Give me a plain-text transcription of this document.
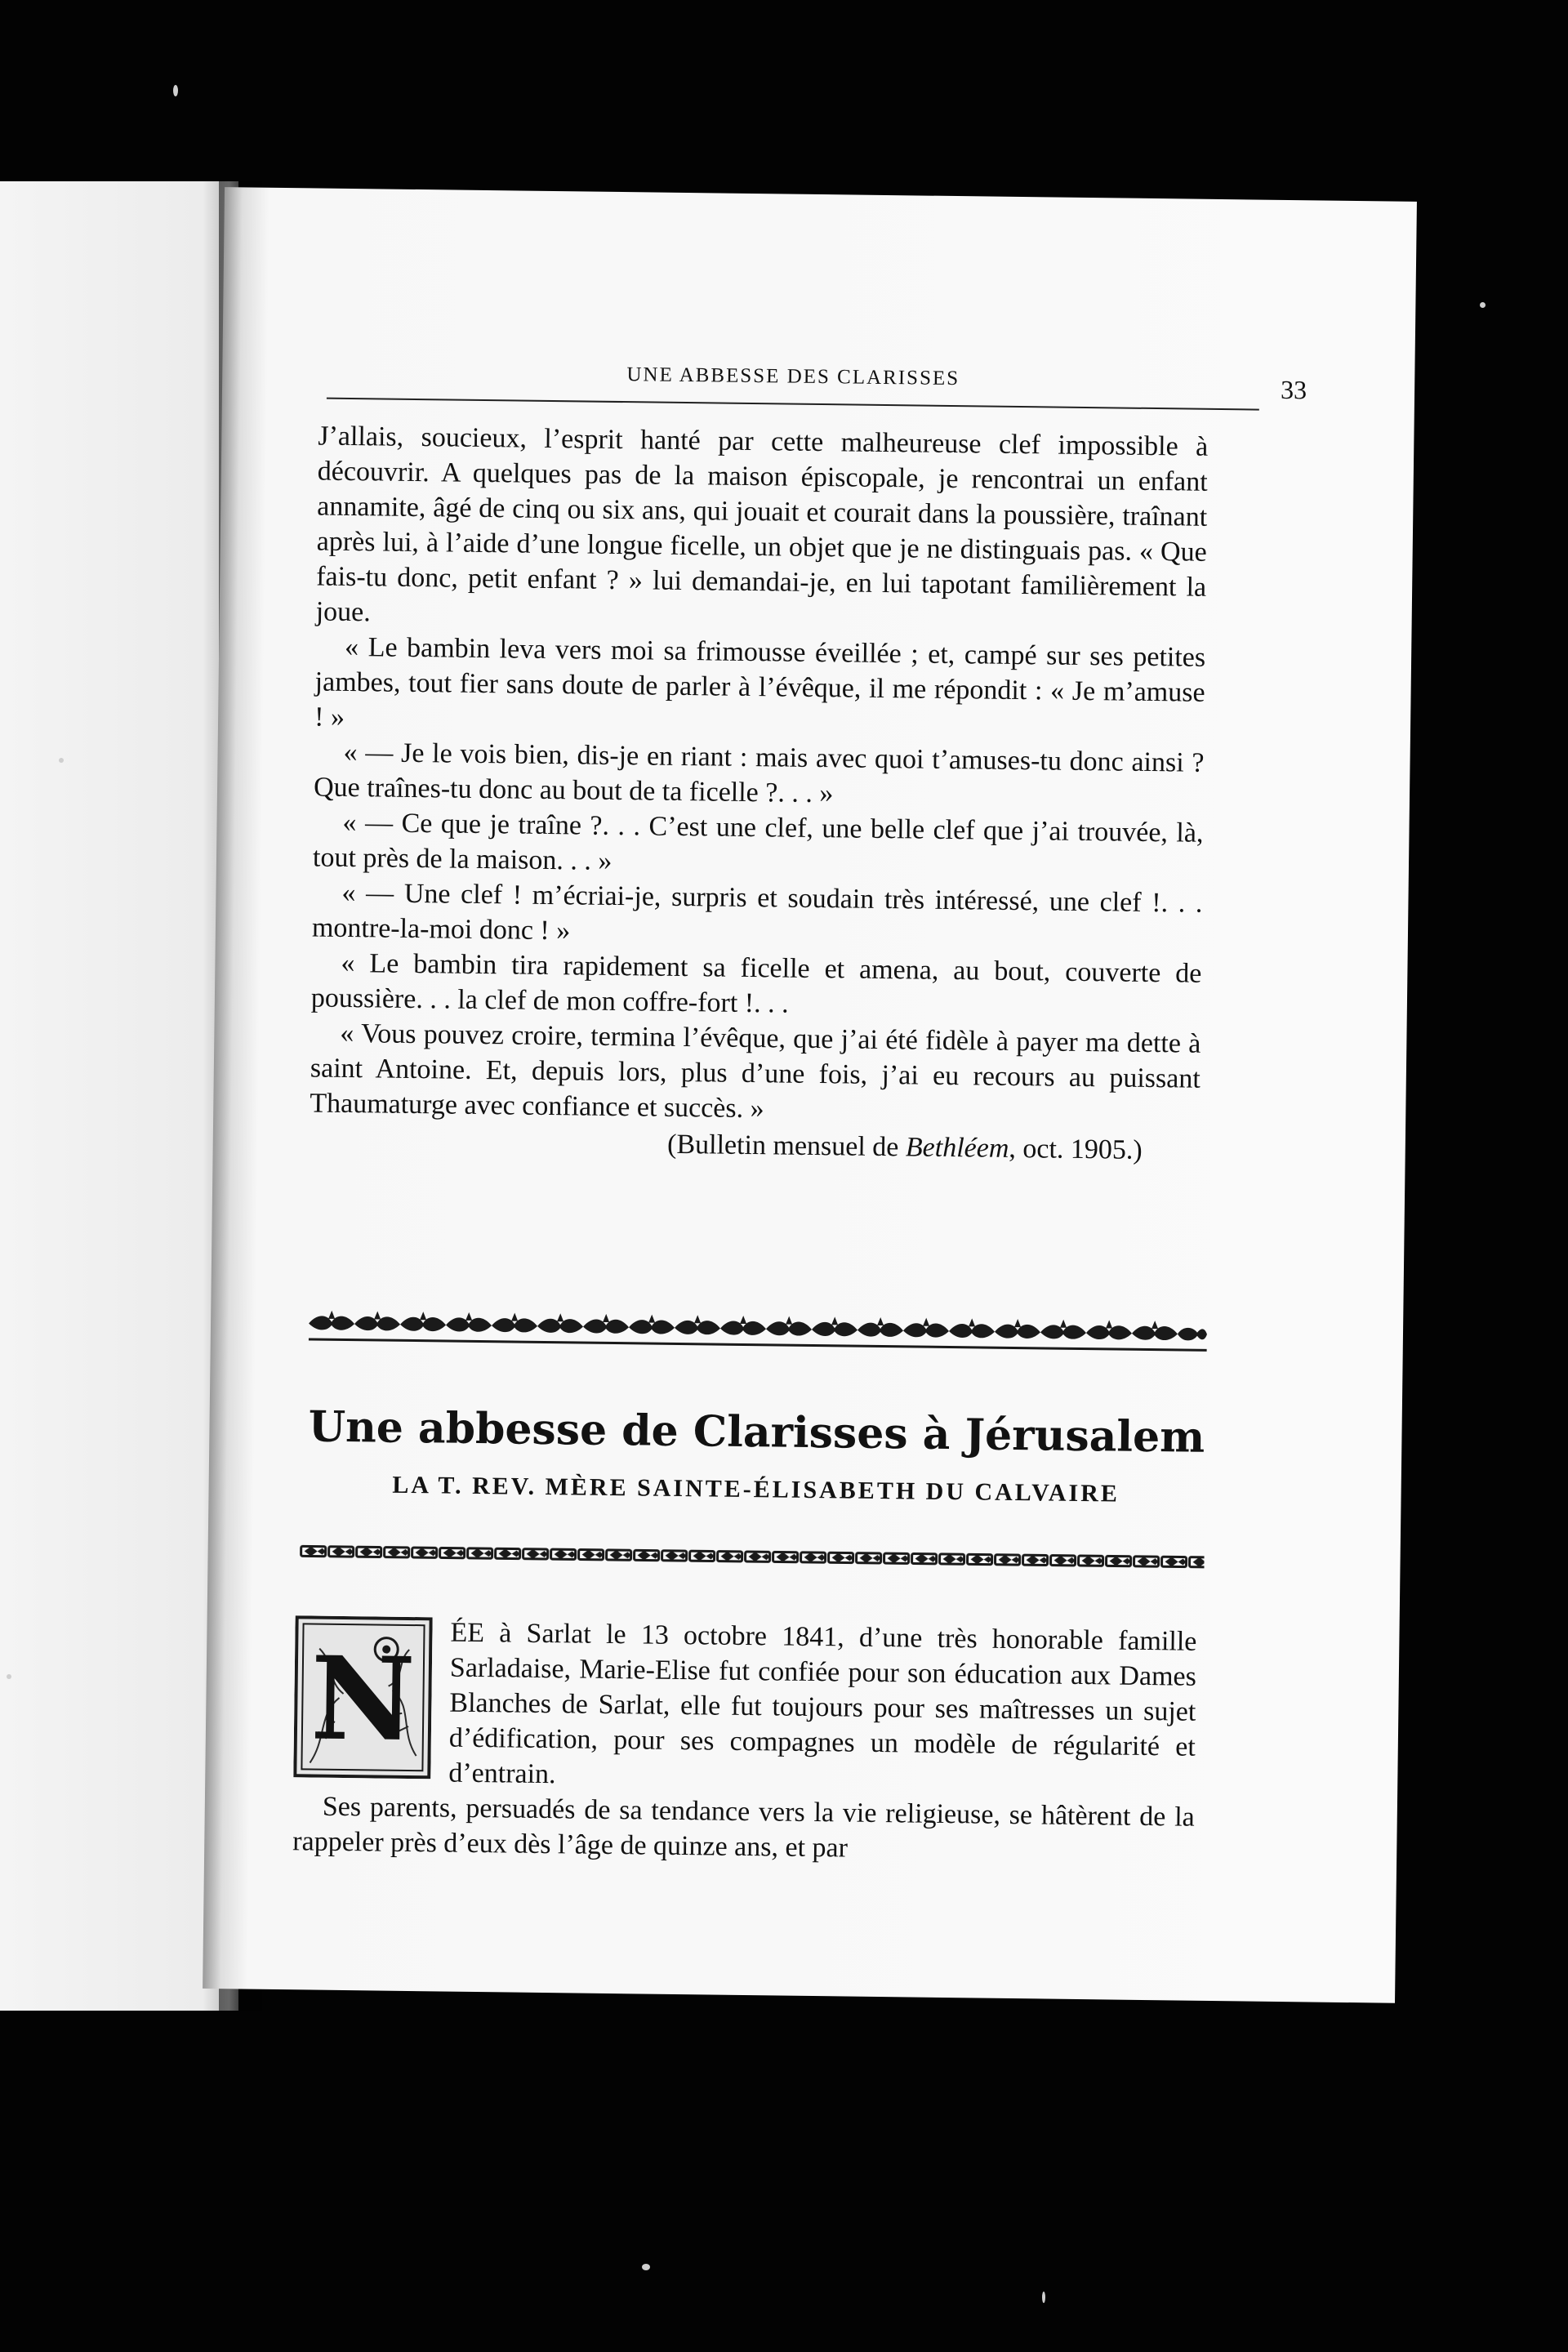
UNE ABBESSE DES CLARISSES	33

J’allais, soucieux, l’esprit hanté par cette malheureuse clef impossible à découvrir. A quelques pas de la maison épiscopale, je rencontrai un enfant annamite, âgé de cinq ou six ans, qui jouait et courait dans la poussière, traînant après lui, à l’aide d’une longue ficelle, un objet que je ne distinguais pas. « Que fais-tu donc, petit enfant ? » lui demandai-je, en lui tapotant familièrement la joue.

« Le bambin leva vers moi sa frimousse éveillée ; et, campé sur ses petites jambes, tout fier sans doute de parler à l’évêque, il me répondit : « Je m’amuse ! »

« — Je le vois bien, dis-je en riant : mais avec quoi t’amuses-tu donc ainsi ? Que traînes-tu donc au bout de ta ficelle ?. . . »

« — Ce que je traîne ?. . . C’est une clef, une belle clef que j’ai trouvée, là, tout près de la maison. . . »

« — Une clef ! m’écriai-je, surpris et soudain très intéressé, une clef !. . . montre-la-moi donc ! »

« Le bambin tira rapidement sa ficelle et amena, au bout, couverte de poussière. . . la clef de mon coffre-fort !. . .

« Vous pouvez croire, termina l’évêque, que j’ai été fidèle à payer ma dette à saint Antoine. Et, depuis lors, plus d’une fois, j’ai eu recours au puissant Thaumaturge avec confiance et succès. »

(Bulletin mensuel de Bethléem, oct. 1905.)
Une abbesse de Clarisses à Jérusalem
LA T. REV. MÈRE SAINTE-ÉLISABETH DU CALVAIRE
N ÉE à Sarlat le 13 octobre 1841, d’une très honorable famille Sarladaise, Marie-Elise fut confiée pour son éducation aux Dames Blanches de Sarlat, elle fut toujours pour ses maîtresses un sujet d’édification, pour ses compagnes un modèle de régularité et d’entrain.

Ses parents, persuadés de sa tendance vers la vie religieuse, se hâtèrent de la rappeler près d’eux dès l’âge de quinze ans, et par
